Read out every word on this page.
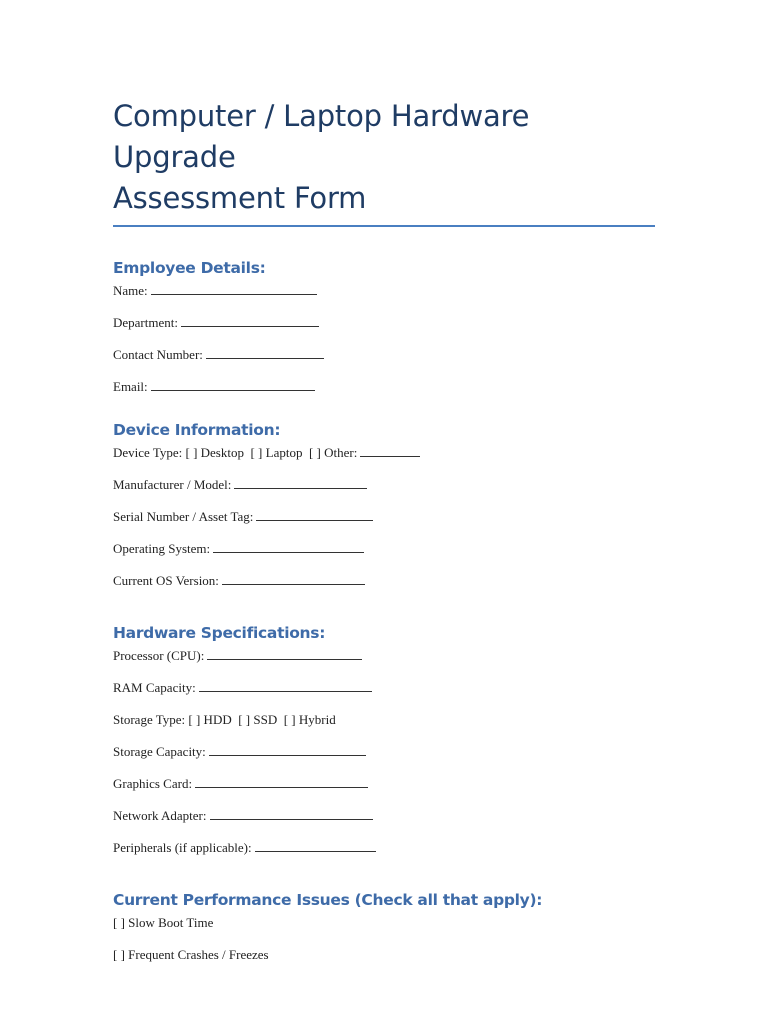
Computer / Laptop Hardware Upgrade
Assessment Form

Employee Details:

Name:

Department:

Contact Number:

Email:

Device Information:

Device Type: [ ] Desktop  [ ] Laptop  [ ] Other:

Manufacturer / Model:

Serial Number / Asset Tag:

Operating System:

Current OS Version:

Hardware Specifications:

Processor (CPU):

RAM Capacity:

Storage Type: [ ] HDD  [ ] SSD  [ ] Hybrid

Storage Capacity:

Graphics Card:

Network Adapter:

Peripherals (if applicable):

Current Performance Issues (Check all that apply):

[ ] Slow Boot Time

[ ] Frequent Crashes / Freezes
